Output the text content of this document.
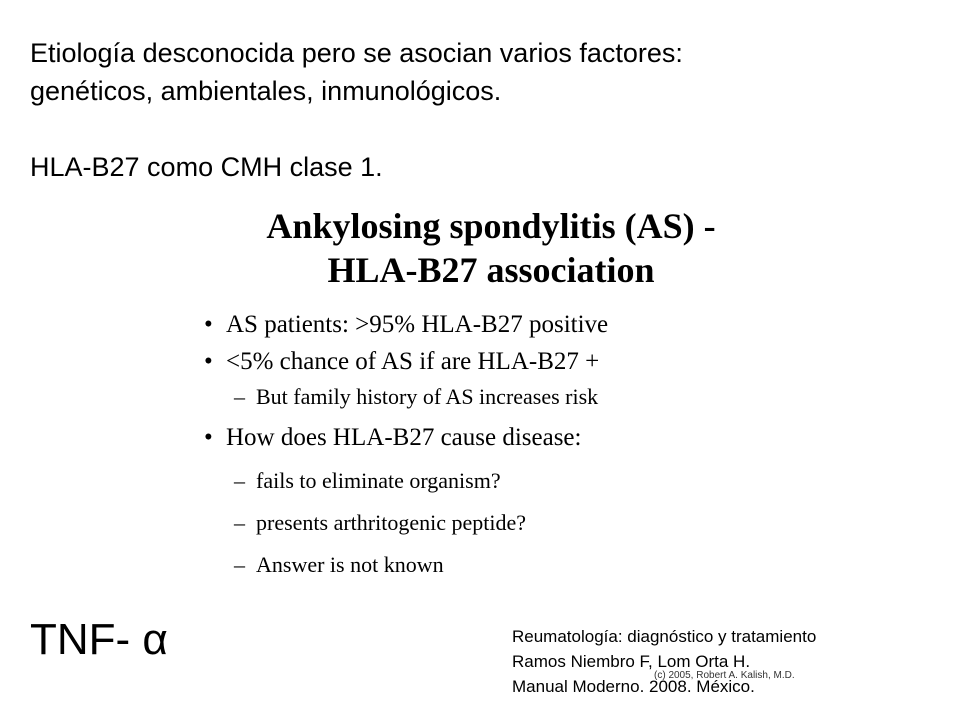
Etiología desconocida pero se asocian varios factores:

genéticos, ambientales, inmunológicos.

HLA-B27 como CMH clase 1.

Ankylosing spondylitis (AS) -
HLA-B27 association
• AS patients: >95% HLA-B27 positive
• <5% chance of AS if are HLA-B27 +
– But family history of AS increases risk
• How does HLA-B27 cause disease:
– fails to eliminate organism?
– presents arthritogenic peptide?
– Answer is not known
TNF- α	Reumatología: diagnóstico y tratamiento

Ramos Niembro F, Lom Orta H.

Manual Moderno. 2008. México.

(c) 2005, Robert A. Kalish, M.D.
